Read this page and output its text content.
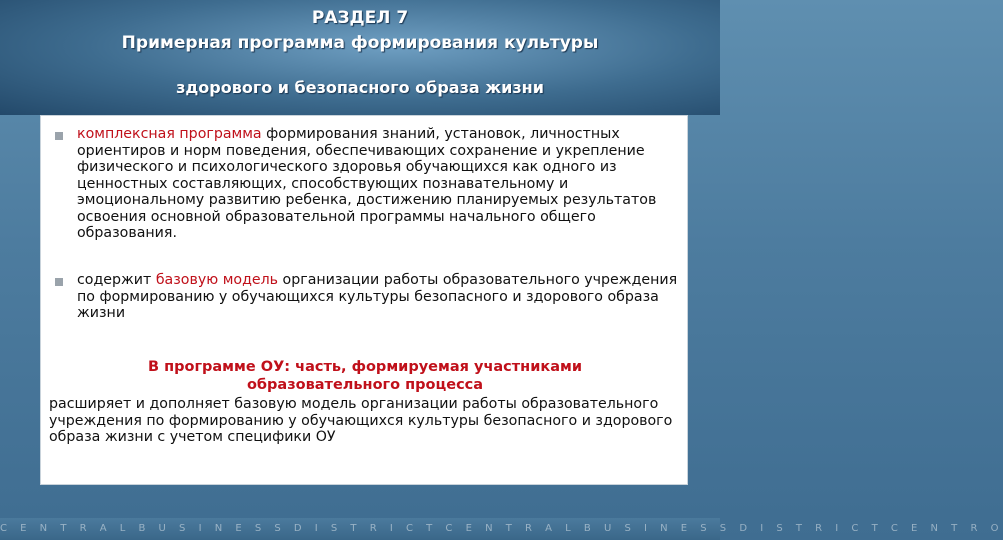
РАЗДЕЛ 7
Примерная программа формирования культуры
здорового и безопасного образа жизни
комплексная программа формирования знаний, установок, личностных ориентиров и норм поведения, обеспечивающих сохранение и укрепление физического и психологического здоровья обучающихся как одного из ценностных составляющих, способствующих познавательному и эмоциональному развитию ребенка, достижению планируемых результатов освоения основной образовательной программы начального общего образования.
содержит базовую модель организации работы образовательного учреждения по формированию у обучающихся культуры безопасного и здорового образа жизни
В программе ОУ: часть, формируемая участниками
образовательного процесса
расширяет и дополняет базовую модель организации работы образовательного учреждения по формированию у обучающихся культуры безопасного и здорового образа жизни с учетом специфики ОУ
C E N T R A L B U S I N E S S D I S T R I C T C E N T R A L B U S I N E S S D I S T R I C T C E N T R O
